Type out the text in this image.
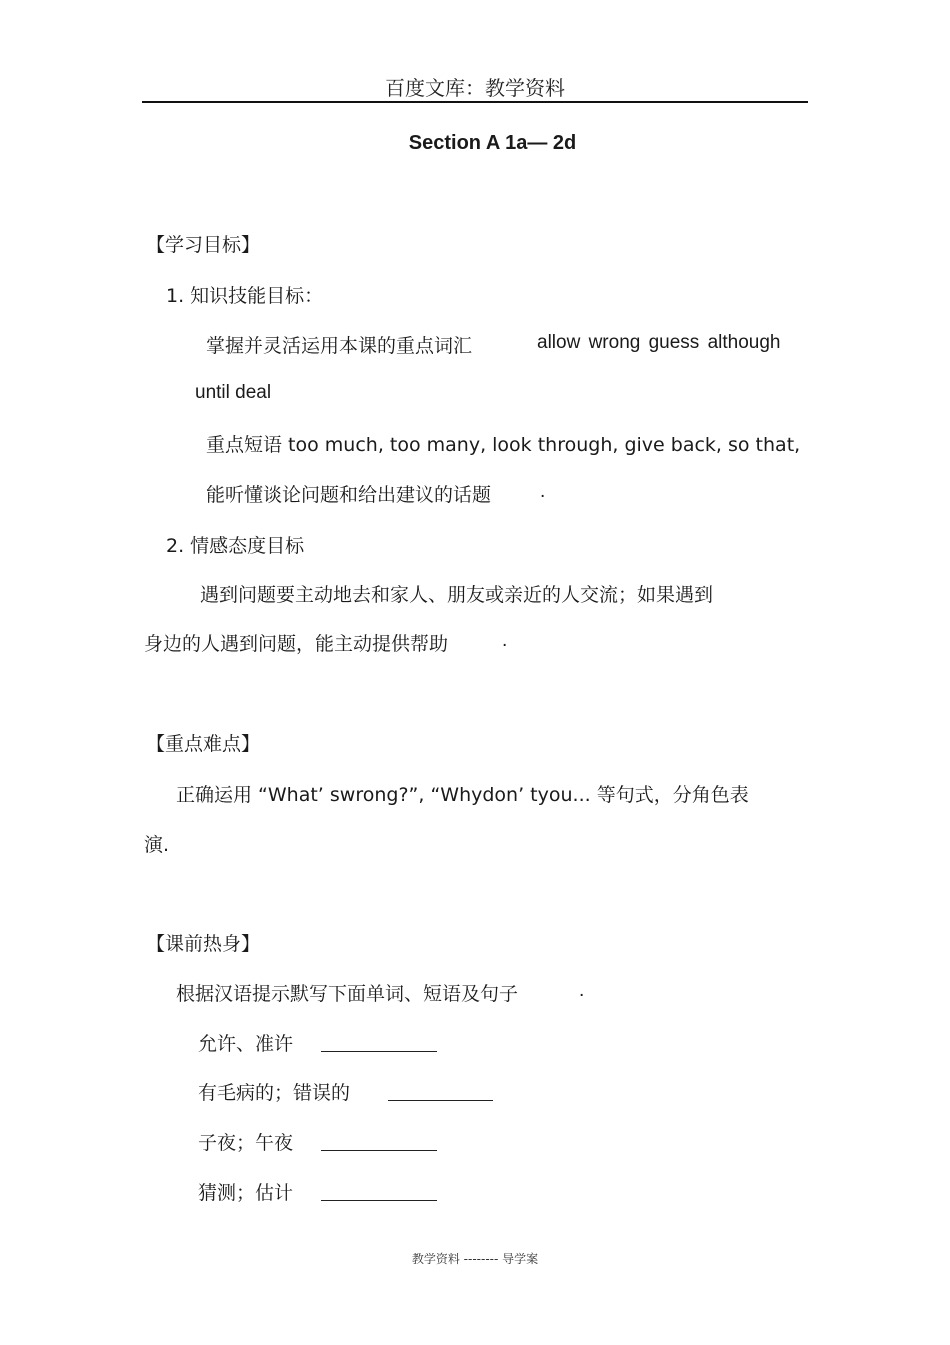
百度文库：教学资料
Section A 1a— 2d
【学习目标】
1. 知识技能目标：
掌握并灵活运用本课的重点词汇	allow wrong guess although
until deal
重点短语 too much, too many, look through, give back, so that,
能听懂谈论问题和给出建议的话题	.
2. 情感态度目标
遇到问题要主动地去和家人、朋友或亲近的人交流；如果遇到
身边的人遇到问题，能主动提供帮助	.
【重点难点】
正确运用 “What’ swrong?”, “Whydon’ tyou... 等句式，分角色表
演.
【课前热身】
根据汉语提示默写下面单词、短语及句子	.
允许、准许
有毛病的；错误的
子夜；午夜
猜测；估计
教学资料 -------- 导学案
